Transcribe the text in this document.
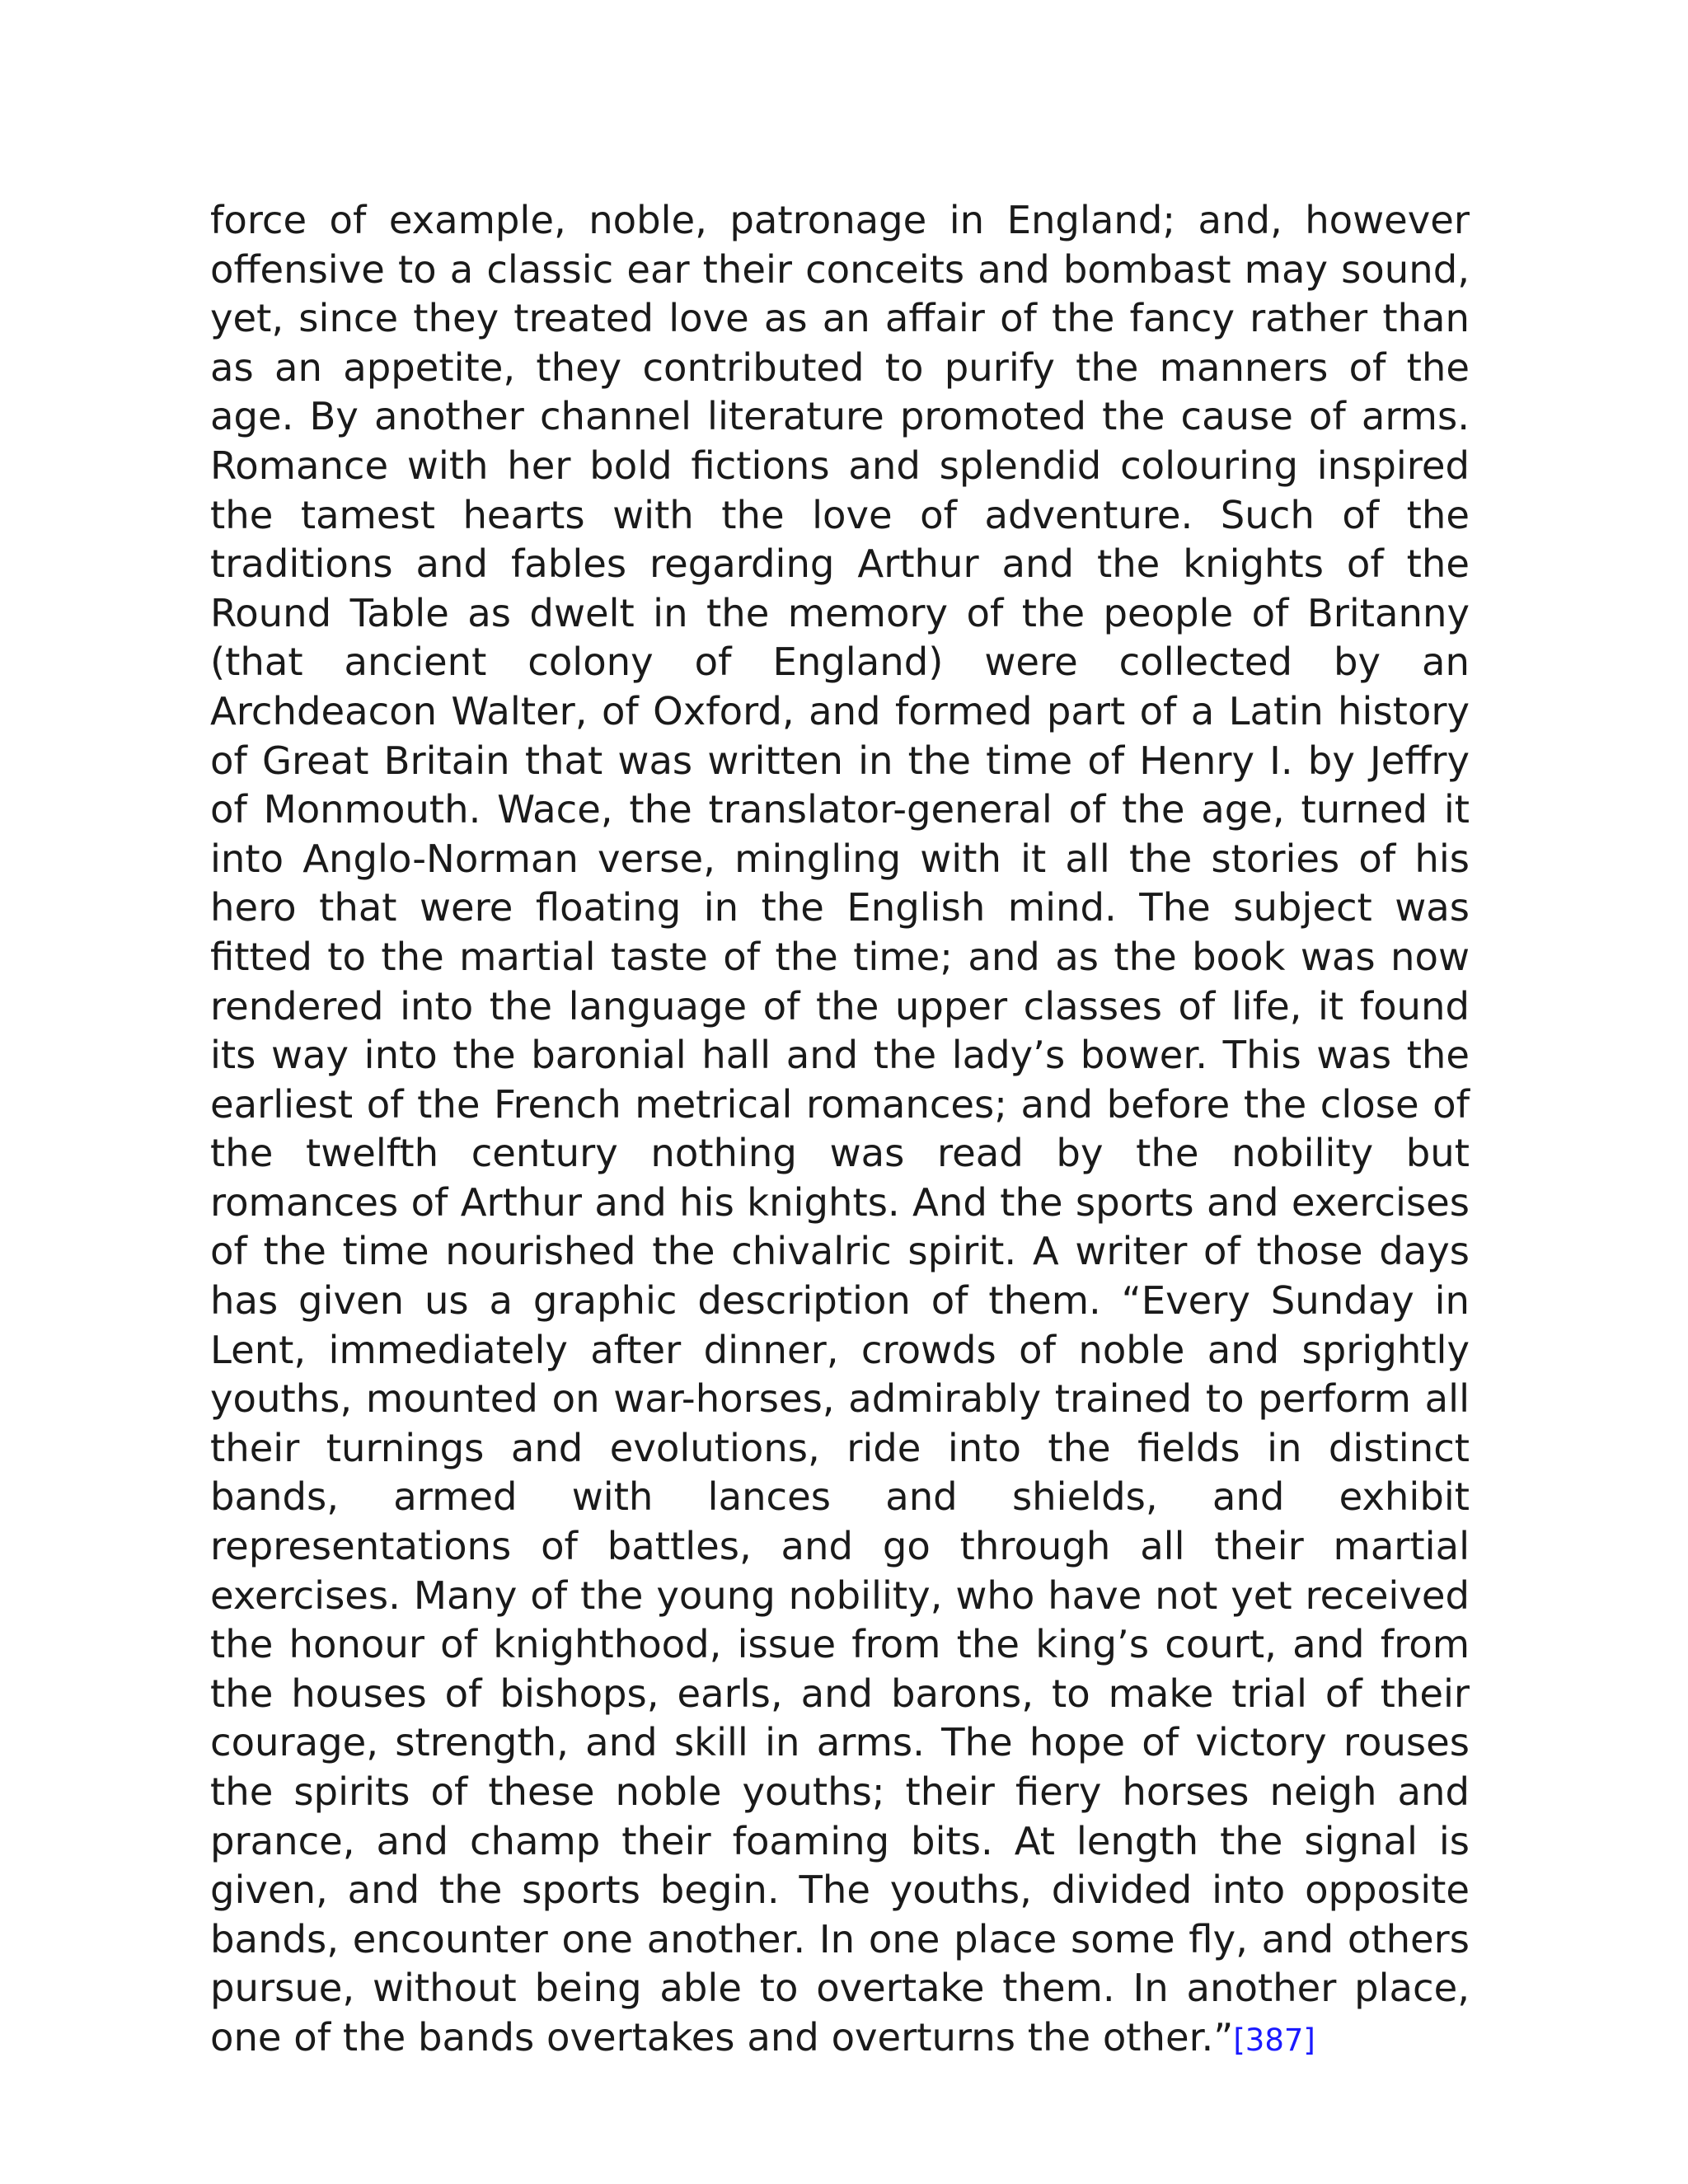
force of example, noble, patronage in England; and, however offensive to a classic ear their conceits and bombast may sound, yet, since they treated love as an affair of the fancy rather than as an appetite, they contributed to purify the manners of the age. By another channel literature promoted the cause of arms. Romance with her bold fictions and splendid colouring inspired the tamest hearts with the love of adventure. Such of the traditions and fables regarding Arthur and the knights of the Round Table as dwelt in the memory of the people of Britanny (that ancient colony of England) were collected by an Archdeacon Walter, of Oxford, and formed part of a Latin history of Great Britain that was written in the time of Henry I. by Jeffry of Monmouth. Wace, the translator-general of the age, turned it into Anglo-Norman verse, mingling with it all the stories of his hero that were floating in the English mind. The subject was fitted to the martial taste of the time; and as the book was now rendered into the language of the upper classes of life, it found its way into the baronial hall and the lady’s bower. This was the earliest of the French metrical romances; and before the close of the twelfth century nothing was read by the nobility but romances of Arthur and his knights. And the sports and exercises of the time nourished the chivalric spirit. A writer of those days has given us a graphic description of them. “Every Sunday in Lent, immediately after dinner, crowds of noble and sprightly youths, mounted on war-horses, admirably trained to perform all their turnings and evolutions, ride into the fields in distinct bands, armed with lances and shields, and exhibit representations of battles, and go through all their martial exercises. Many of the young nobility, who have not yet received the honour of knighthood, issue from the king’s court, and from the houses of bishops, earls, and barons, to make trial of their courage, strength, and skill in arms. The hope of victory rouses the spirits of these noble youths; their fiery horses neigh and prance, and champ their foaming bits. At length the signal is given, and the sports begin. The youths, divided into opposite bands, encounter one another. In one place some fly, and others pursue, without being able to overtake them. In another place, one of the bands overtakes and overturns the other.”[387]
